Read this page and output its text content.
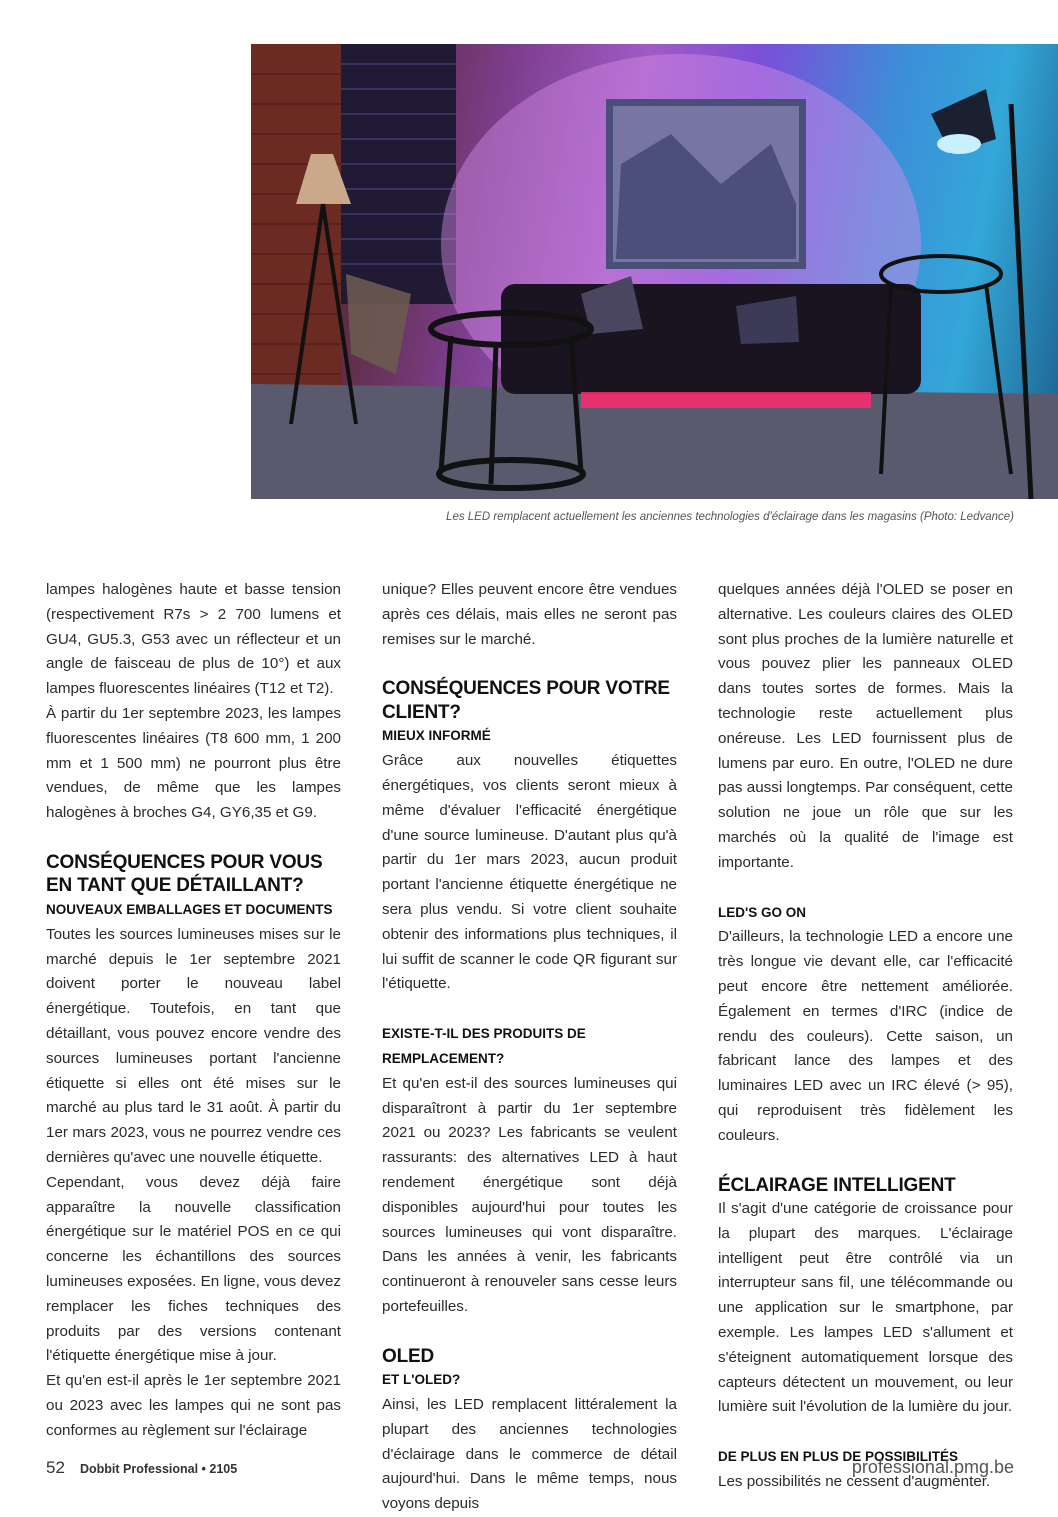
Les LED remplacent actuellement les anciennes technologies d'éclairage dans les magasins (Photo: Ledvance)

lampes halogènes haute et basse tension (respectivement R7s > 2 700 lumens et GU4, GU5.3, G53 avec un réflecteur et un angle de faisceau de plus de 10°) et aux lampes fluorescentes linéaires (T12 et T2).

À partir du 1er septembre 2023, les lampes fluorescentes linéaires (T8 600 mm, 1 200 mm et 1 500 mm) ne pourront plus être vendues, de même que les lampes halogènes à broches G4, GY6,35 et G9.

CONSÉQUENCES POUR VOUS EN TANT QUE DÉTAILLANT?
NOUVEAUX EMBALLAGES ET DOCUMENTS

Toutes les sources lumineuses mises sur le marché depuis le 1er septembre 2021 doivent porter le nouveau label énergétique. Toutefois, en tant que détaillant, vous pouvez encore vendre des sources lumineuses portant l'ancienne étiquette si elles ont été mises sur le marché au plus tard le 31 août. À partir du 1er mars 2023, vous ne pourrez vendre ces dernières qu'avec une nouvelle étiquette.

Cependant, vous devez déjà faire apparaître la nouvelle classification énergétique sur le matériel POS en ce qui concerne les échantillons des sources lumineuses exposées. En ligne, vous devez remplacer les fiches techniques des produits par des versions contenant l'étiquette énergétique mise à jour.

Et qu'en est-il après le 1er septembre 2021 ou 2023 avec les lampes qui ne sont pas conformes au règlement sur l'éclairage

unique? Elles peuvent encore être vendues après ces délais, mais elles ne seront pas remises sur le marché.

CONSÉQUENCES POUR VOTRE CLIENT?
MIEUX INFORMÉ

Grâce aux nouvelles étiquettes énergétiques, vos clients seront mieux à même d'évaluer l'efficacité énergétique d'une source lumineuse. D'autant plus qu'à partir du 1er mars 2023, aucun produit portant l'ancienne étiquette énergétique ne sera plus vendu. Si votre client souhaite obtenir des informations plus techniques, il lui suffit de scanner le code QR figurant sur l'étiquette.

EXISTE-T-IL DES PRODUITS DE REMPLACEMENT?

Et qu'en est-il des sources lumineuses qui disparaîtront à partir du 1er septembre 2021 ou 2023? Les fabricants se veulent rassurants: des alternatives LED à haut rendement énergétique sont déjà disponibles aujourd'hui pour toutes les sources lumineuses qui vont disparaître. Dans les années à venir, les fabricants continueront à renouveler sans cesse leurs portefeuilles.

OLED
ET L'OLED?

Ainsi, les LED remplacent littéralement la plupart des anciennes technologies d'éclairage dans le commerce de détail aujourd'hui. Dans le même temps, nous voyons depuis

quelques années déjà l'OLED se poser en alternative. Les couleurs claires des OLED sont plus proches de la lumière naturelle et vous pouvez plier les panneaux OLED dans toutes sortes de formes. Mais la technologie reste actuellement plus onéreuse. Les LED fournissent plus de lumens par euro. En outre, l'OLED ne dure pas aussi longtemps. Par conséquent, cette solution ne joue un rôle que sur les marchés où la qualité de l'image est importante.

LED'S GO ON

D'ailleurs, la technologie LED a encore une très longue vie devant elle, car l'efficacité peut encore être nettement améliorée. Également en termes d'IRC (indice de rendu des couleurs). Cette saison, un fabricant lance des lampes et des luminaires LED avec un IRC élevé (> 95), qui reproduisent très fidèlement les couleurs.

ÉCLAIRAGE INTELLIGENT

Il s'agit d'une catégorie de croissance pour la plupart des marques. L'éclairage intelligent peut être contrôlé via un interrupteur sans fil, une télécommande ou une application sur le smartphone, par exemple. Les lampes LED s'allument et s'éteignent automatiquement lorsque des capteurs détectent un mouvement, ou leur lumière suit l'évolution de la lumière du jour.

DE PLUS EN PLUS DE POSSIBILITÉS

Les possibilités ne cessent d'augmenter.

52 Dobbit Professional • 2105	professional.pmg.be
